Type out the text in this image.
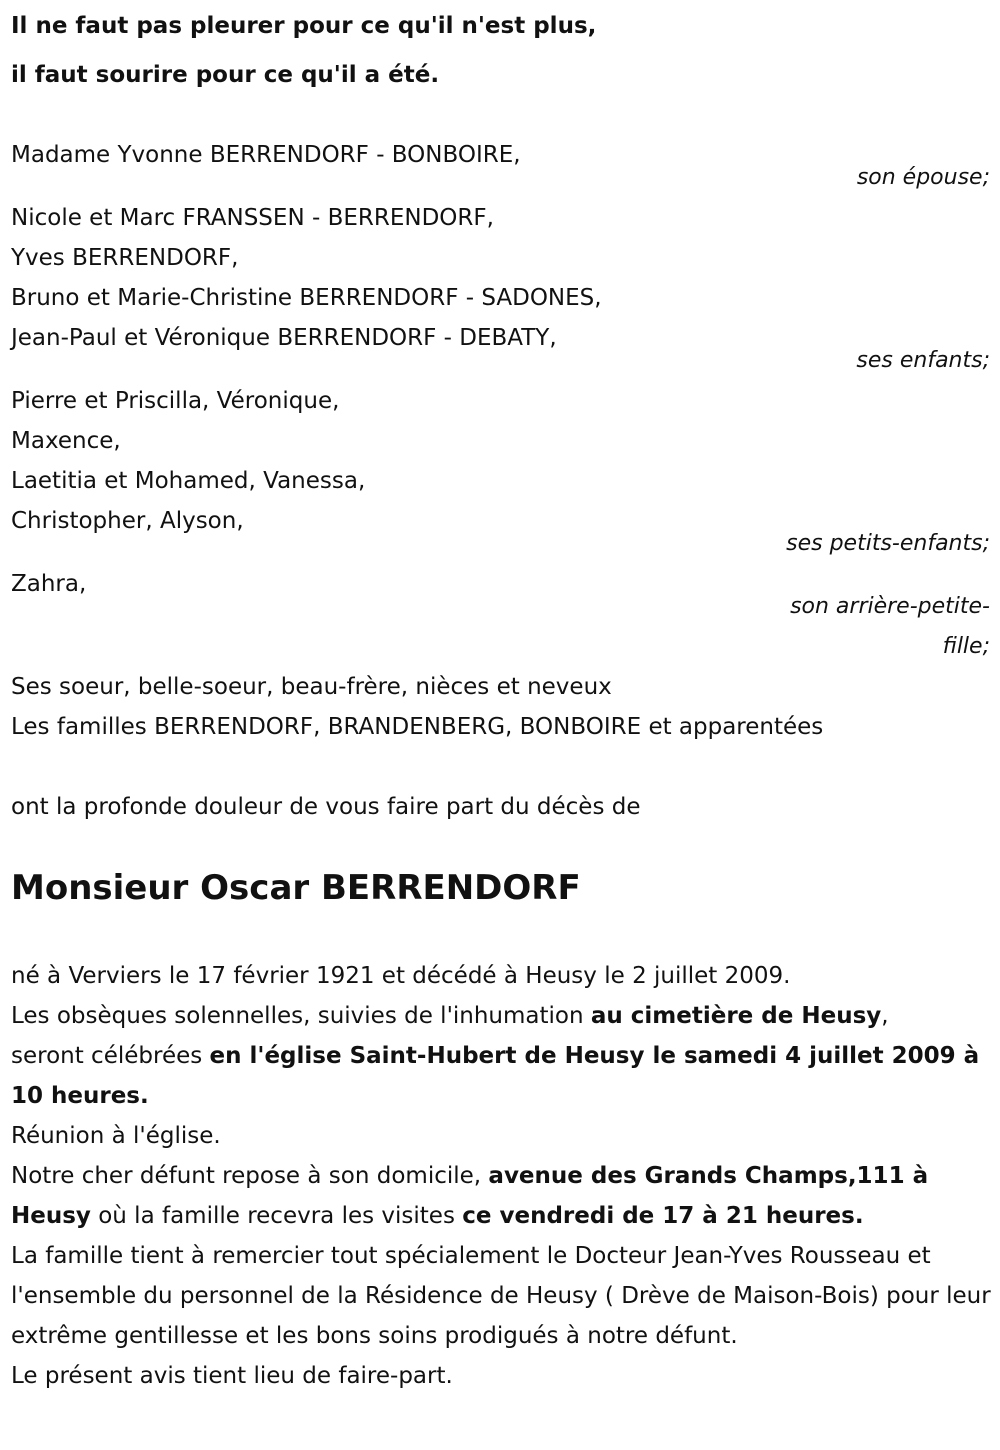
Il ne faut pas pleurer pour ce qu'il n'est plus,
il faut sourire pour ce qu'il a été.
Madame Yvonne BERRENDORF - BONBOIRE,
son épouse;
Nicole et Marc FRANSSEN - BERRENDORF,
Yves BERRENDORF,
Bruno et Marie-Christine BERRENDORF - SADONES,
Jean-Paul et Véronique BERRENDORF - DEBATY,
ses enfants;
Pierre et Priscilla, Véronique,
Maxence,
Laetitia et Mohamed, Vanessa,
Christopher, Alyson,
ses petits-enfants;
Zahra,
son arrière-petite-
fille;
Ses soeur, belle-soeur, beau-frère, nièces et neveux
Les familles BERRENDORF, BRANDENBERG, BONBOIRE et apparentées
ont la profonde douleur de vous faire part du décès de
Monsieur Oscar BERRENDORF

né à Verviers le 17 février 1921 et décédé à Heusy le 2 juillet 2009.

Les obsèques solennelles, suivies de l'inhumation au cimetière de Heusy,
seront célébrées en l'église Saint-Hubert de Heusy le samedi 4 juillet 2009 à 10 heures.

Réunion à l'église.

Notre cher défunt repose à son domicile, avenue des Grands Champs,111 à Heusy où la famille recevra les visites ce vendredi de 17 à 21 heures.

La famille tient à remercier tout spécialement le Docteur Jean-Yves Rousseau et l'ensemble du personnel de la Résidence de Heusy ( Drève de Maison-Bois) pour leur extrême gentillesse et les bons soins prodigués à notre défunt.

Le présent avis tient lieu de faire-part.
